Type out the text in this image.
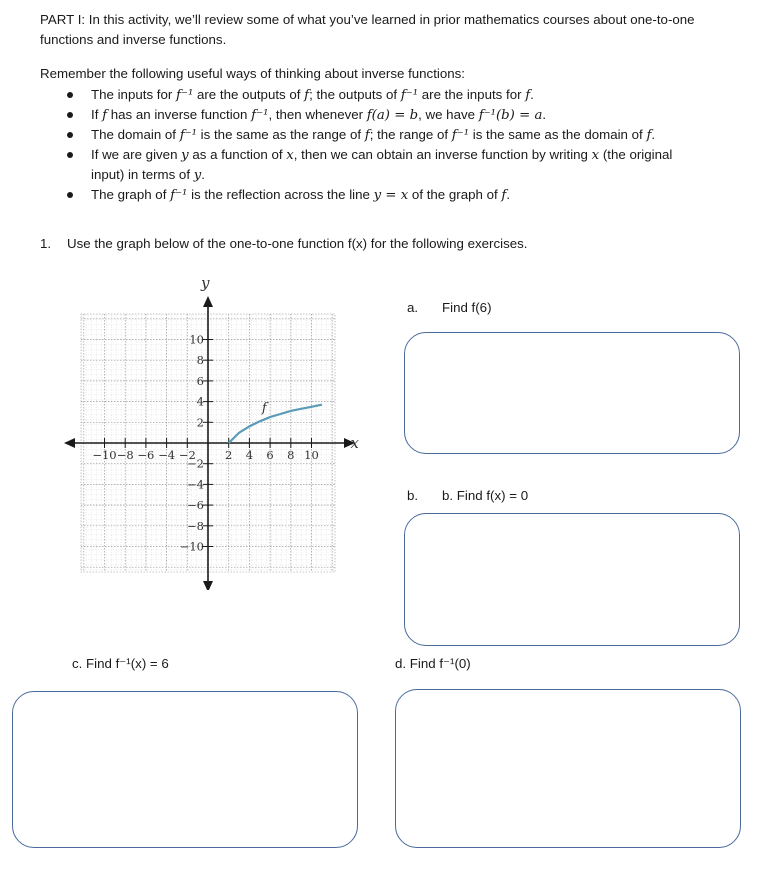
PART I: In this activity, we’ll review some of what you’ve learned in prior mathematics courses about one-to-one functions and inverse functions.
Remember the following useful ways of thinking about inverse functions:
The inputs for f⁻¹ are the outputs of f; the outputs of f⁻¹ are the inputs for f.
If f has an inverse function f⁻¹, then whenever f(a) = b, we have f⁻¹(b) = a.
The domain of f⁻¹ is the same as the range of f; the range of f⁻¹ is the same as the domain of f.
If we are given y as a function of x, then we can obtain an inverse function by writing x (the original input) in terms of y.
The graph of f⁻¹ is the reflection across the line y = x of the graph of f.
1. Use the graph below of the one-to-one function f(x) for the following exercises.
y
x
−10 −8 −6 −4 −2	2 4 6 8 10
10
8
6
4
2
−2
−4
−6
−8
−10
f
a. Find f(6)
b. b. Find f(x) = 0
c. Find f⁻¹(x) = 6	d. Find f⁻¹(0)
